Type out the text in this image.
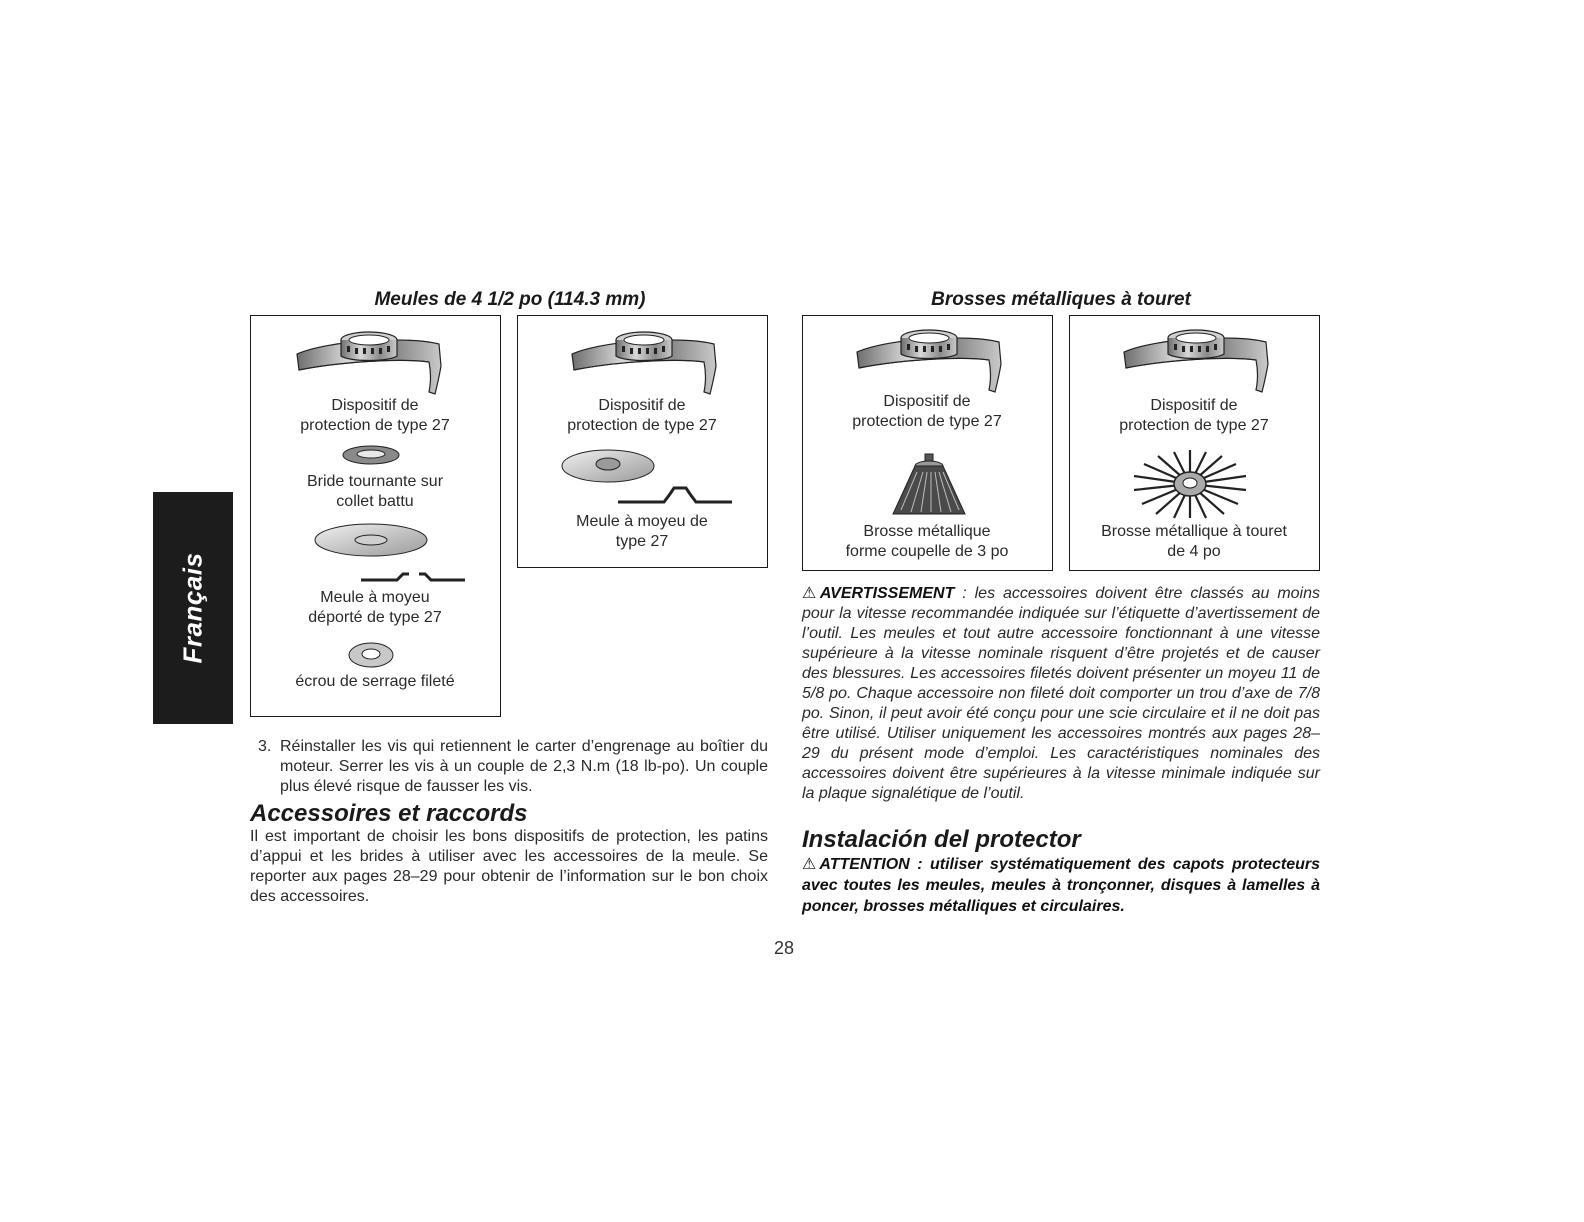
Français
Meules de 4 1/2 po (114.3 mm)	Brosses métalliques à touret
Dispositif de
protection de type 27
Bride tournante sur
collet battu
Meule à moyeu
déporté de type 27
écrou de serrage fileté
Dispositif de
protection de type 27
Meule à moyeu de
type 27
Dispositif de
protection de type 27
Brosse métallique
forme coupelle de 3 po
Dispositif de
protection de type 27
Brosse métallique à touret
de 4 po
3. Réinstaller les vis qui retiennent le carter d’engrenage au boîtier du moteur. Serrer les vis à un couple de 2,3 N.m (18 lb-po). Un couple plus élevé risque de fausser les vis.
Accessoires et raccords
Il est important de choisir les bons dispositifs de protection, les patins d’appui et les brides à utiliser avec les accessoires de la meule. Se reporter aux pages 28–29 pour obtenir de l’information sur le bon choix des accessoires.
⚠AVERTISSEMENT : les accessoires doivent être classés au moins pour la vitesse recommandée indiquée sur l’étiquette d’avertissement de l’outil. Les meules et tout autre accessoire fonctionnant à une vitesse supérieure à la vitesse nominale risquent d’être projetés et de causer des blessures. Les accessoires filetés doivent présenter un moyeu 11 de 5/8 po. Chaque accessoire non fileté doit comporter un trou d’axe de 7/8 po. Sinon, il peut avoir été conçu pour une scie circulaire et il ne doit pas être utilisé. Utiliser uniquement les accessoires montrés aux pages 28–29 du présent mode d’emploi. Les caractéristiques nominales des accessoires doivent être supérieures à la vitesse minimale indiquée sur la plaque signalétique de l’outil.
Instalación del protector
⚠ATTENTION : utiliser systématiquement des capots protecteurs avec toutes les meules, meules à tronçonner, disques à lamelles à poncer, brosses métalliques et circulaires.
28
